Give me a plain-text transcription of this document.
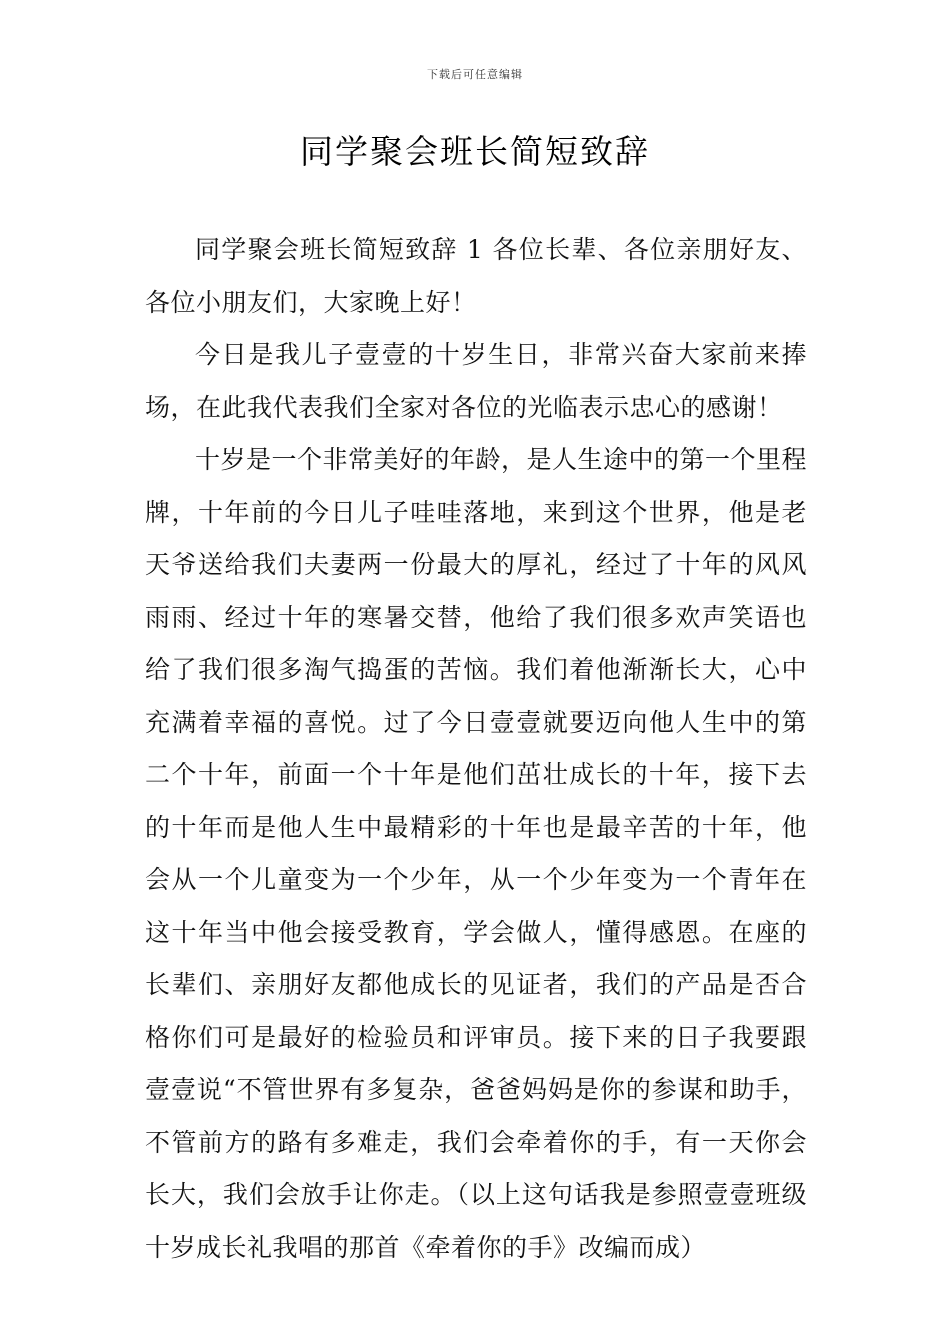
下载后可任意编辑
同学聚会班长简短致辞

同学聚会班长简短致辞 1 各位长辈、各位亲朋好友、各位小朋友们，大家晚上好！

今日是我儿子壹壹的十岁生日，非常兴奋大家前来捧场，在此我代表我们全家对各位的光临表示忠心的感谢！

十岁是一个非常美好的年龄，是人生途中的第一个里程牌，十年前的今日儿子哇哇落地，来到这个世界，他是老天爷送给我们夫妻两一份最大的厚礼，经过了十年的风风雨雨、经过十年的寒暑交替，他给了我们很多欢声笑语也给了我们很多淘气捣蛋的苦恼。我们着他渐渐长大，心中充满着幸福的喜悦。过了今日壹壹就要迈向他人生中的第二个十年，前面一个十年是他们茁壮成长的十年，接下去的十年而是他人生中最精彩的十年也是最辛苦的十年，他会从一个儿童变为一个少年，从一个少年变为一个青年在这十年当中他会接受教育，学会做人，懂得感恩。在座的长辈们、亲朋好友都他成长的见证者，我们的产品是否合格你们可是最好的检验员和评审员。接下来的日子我要跟壹壹说“不管世界有多复杂，爸爸妈妈是你的参谋和助手，不管前方的路有多难走，我们会牵着你的手，有一天你会长大，我们会放手让你走。（以上这句话我是参照壹壹班级十岁成长礼我唱的那首《牵着你的手》改编而成）
